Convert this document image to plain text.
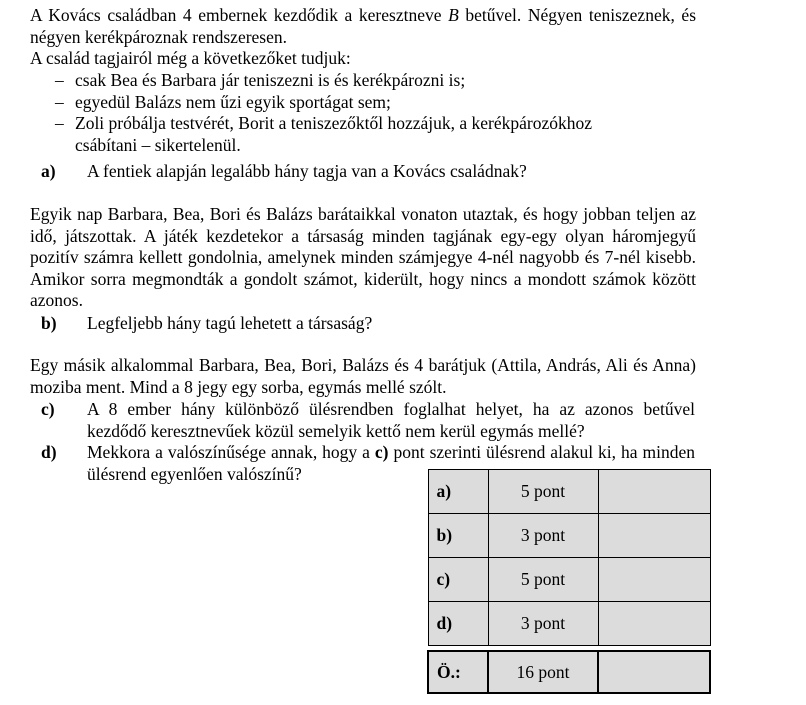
A Kovács családban 4 embernek kezdődik a keresztneve B betűvel. Négyen teniszeznek, és négyen kerékpároznak rendszeresen.
A család tagjairól még a következőket tudjuk:
– csak Bea és Barbara jár teniszezni is és kerékpározni is;
– egyedül Balázs nem űzi egyik sportágat sem;
– Zoli próbálja testvérét, Borit a teniszezőktől hozzájuk, a kerékpározókhoz csábítani – sikertelenül.
a)	A fentiek alapján legalább hány tagja van a Kovács családnak?
Egyik nap Barbara, Bea, Bori és Balázs barátaikkal vonaton utaztak, és hogy jobban teljen az idő, játszottak. A játék kezdetekor a társaság minden tagjának egy-egy olyan háromjegyű pozitív számra kellett gondolnia, amelynek minden számjegye 4-nél nagyobb és 7-nél kisebb. Amikor sorra megmondták a gondolt számot, kiderült, hogy nincs a mondott számok között azonos.
b)	Legfeljebb hány tagú lehetett a társaság?
Egy másik alkalommal Barbara, Bea, Bori, Balázs és 4 barátjuk (Attila, András, Ali és Anna) moziba ment. Mind a 8 jegy egy sorba, egymás mellé szólt.
c)	A 8 ember hány különböző ülésrendben foglalhat helyet, ha az azonos betűvel kezdődő keresztnevűek közül semelyik kettő nem kerül egymás mellé?
d)	Mekkora a valószínűsége annak, hogy a c) pont szerinti ülésrend alakul ki, ha minden ülésrend egyenlően valószínű?
a)	5 pont	
b)	3 pont	
c)	5 pont	
d)	3 pont	

Ö.:	16 pont	
